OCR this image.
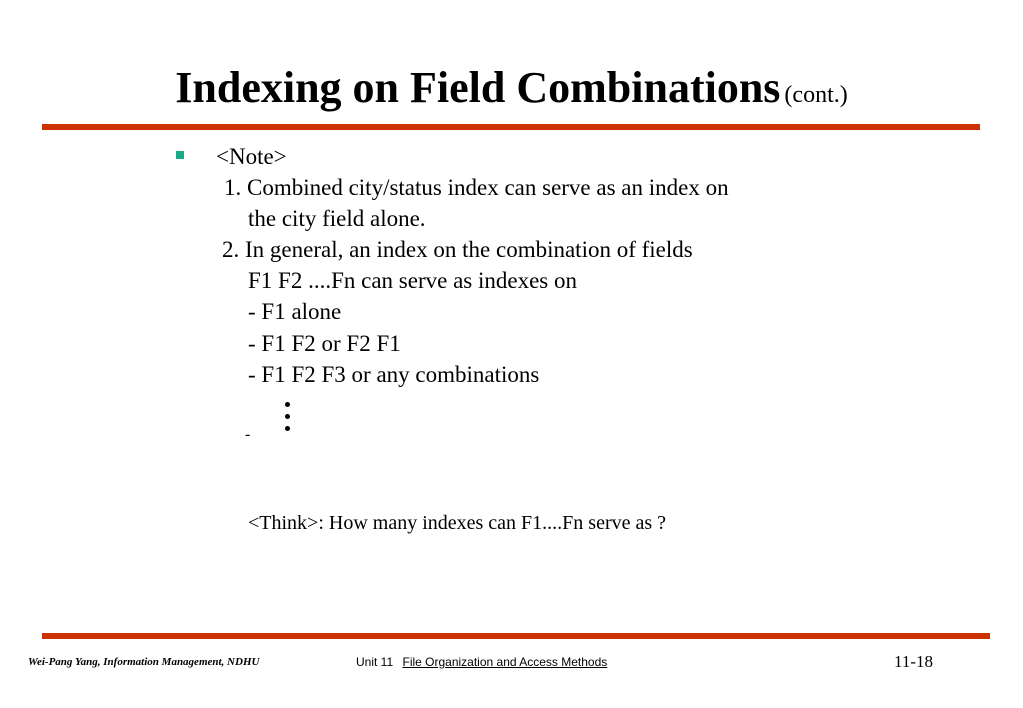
Indexing on Field Combinations (cont.)
<Note>
1. Combined city/status index can serve as an index on
the city field alone.
2. In general, an index on the combination of fields
F1 F2 ....Fn can serve as indexes on
- F1 alone
- F1 F2 or F2 F1
- F1 F2 F3 or any combinations
-
<Think>: How many indexes can F1....Fn serve as ?
Wei-Pang Yang, Information Management, NDHU	Unit 11 File Organization and Access Methods	11-18
